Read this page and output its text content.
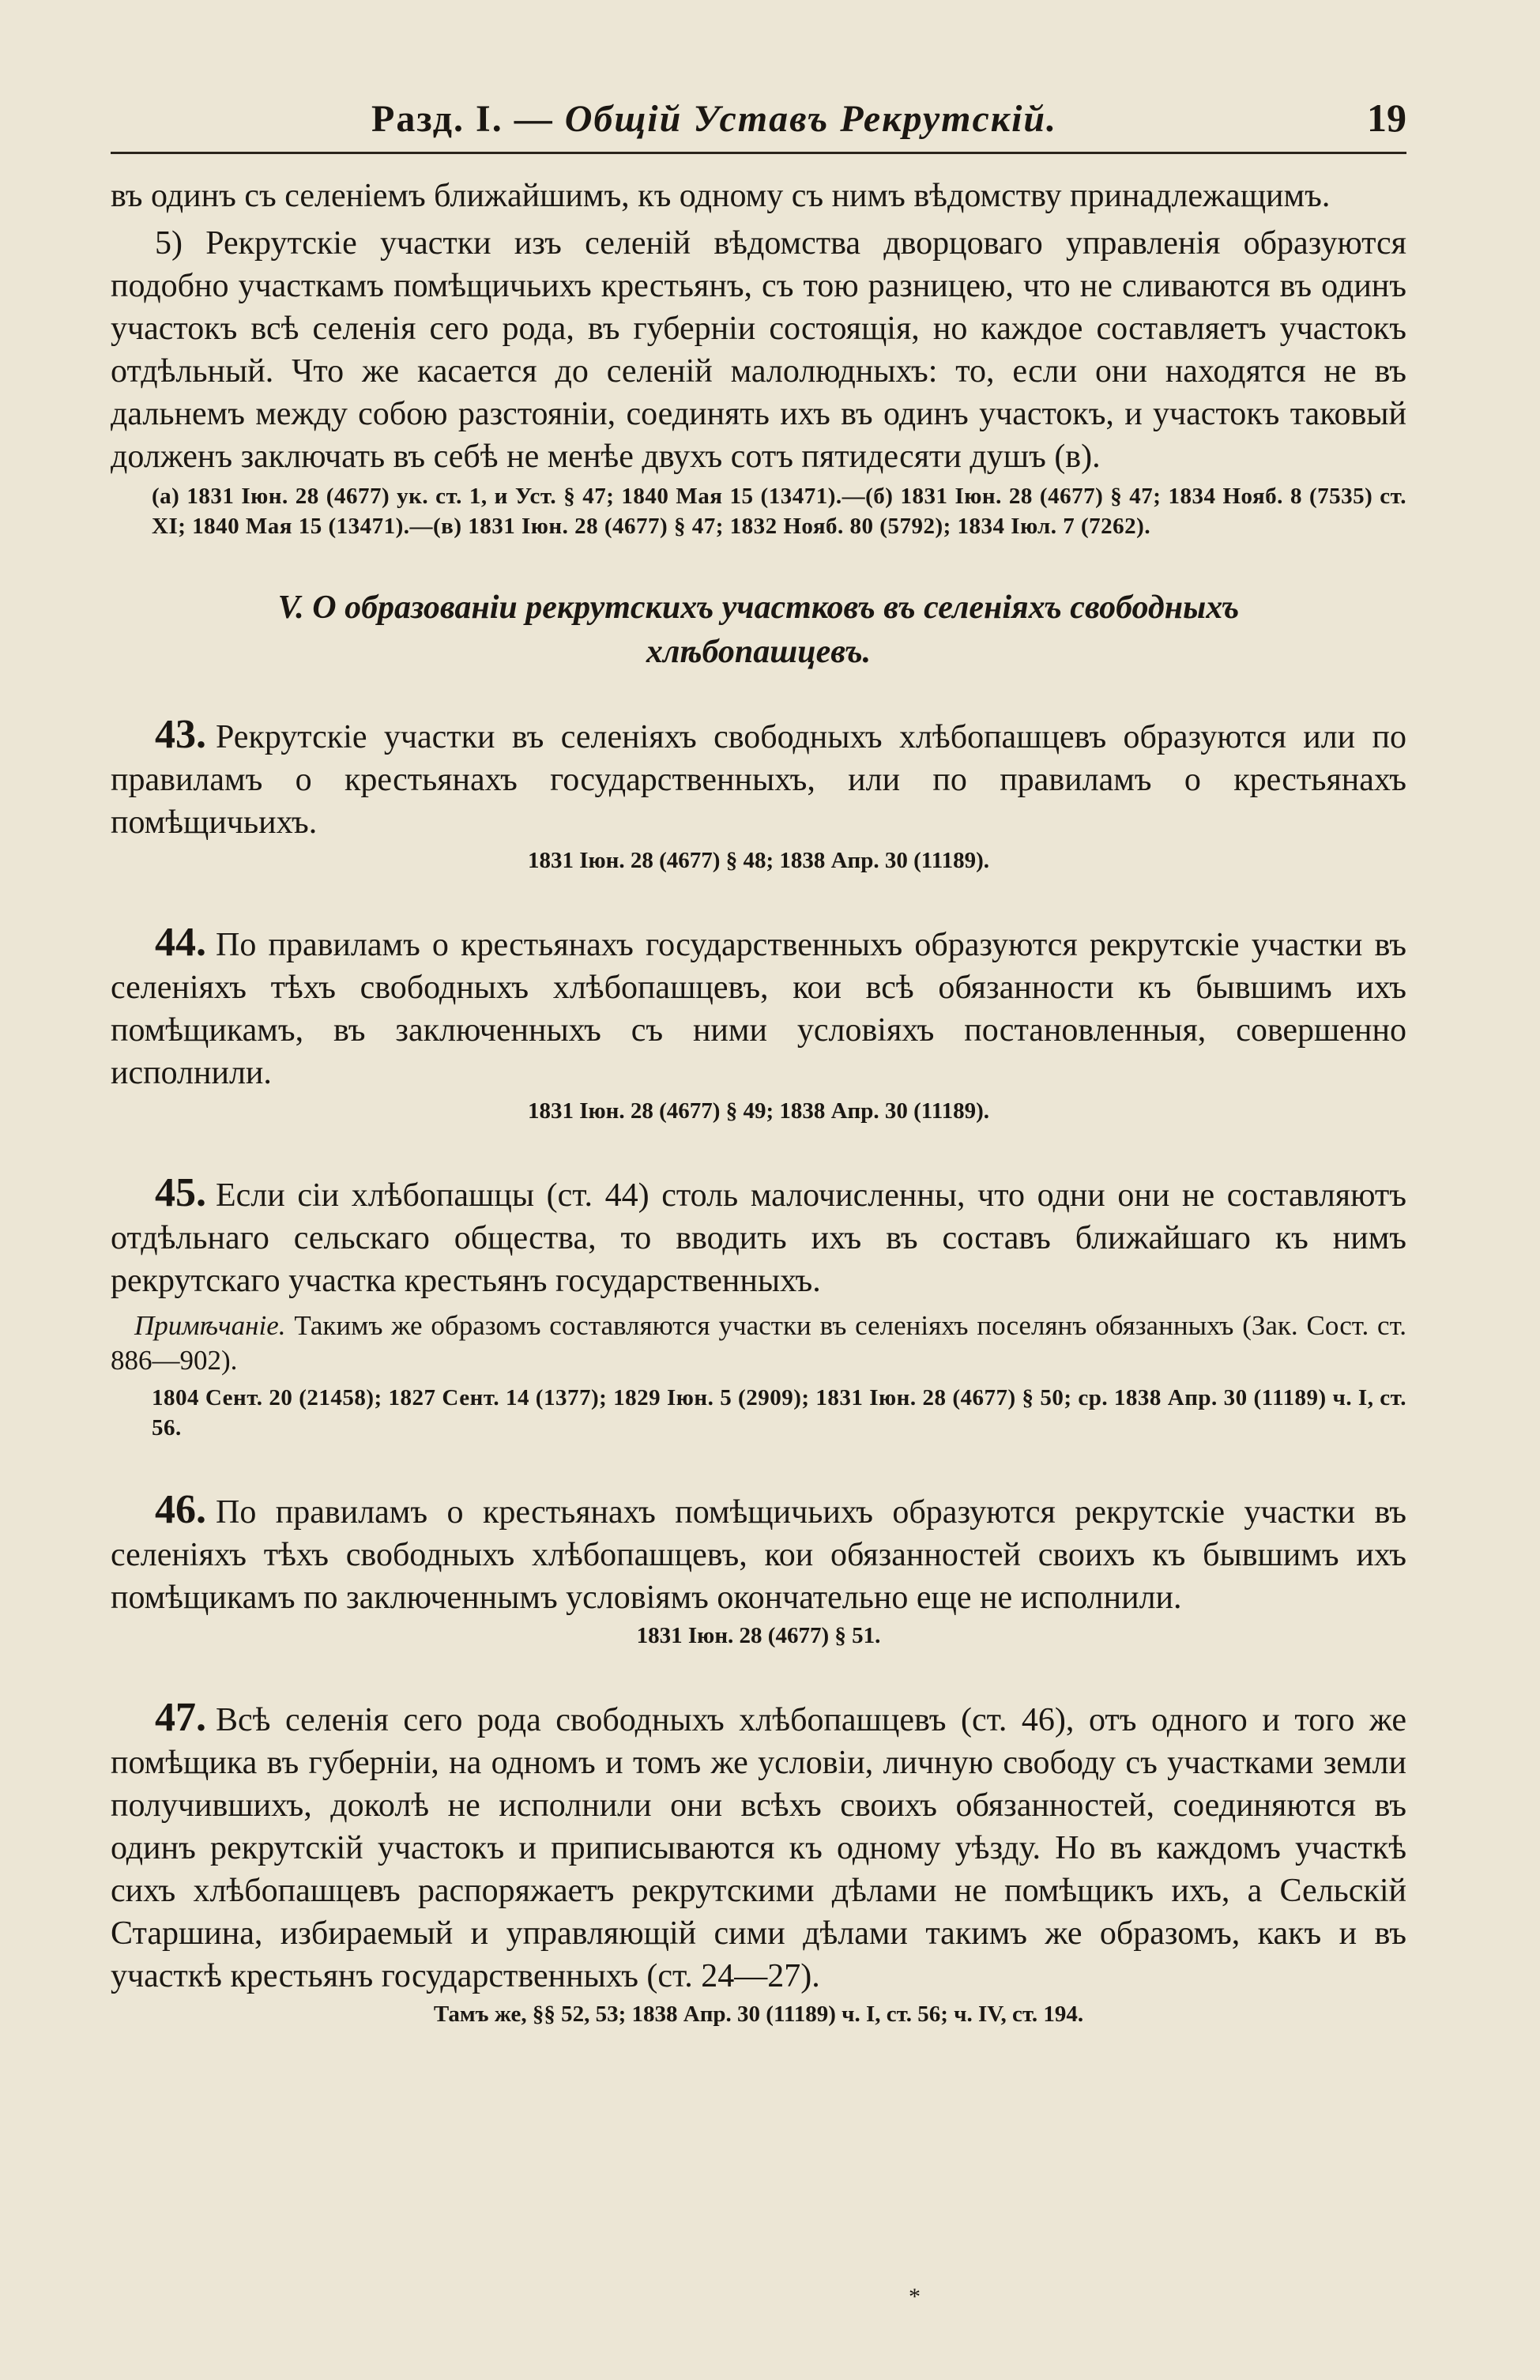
Разд. I. — Общій Уставъ Рекрутскій.	19

въ одинъ съ селеніемъ ближайшимъ, къ одному съ нимъ вѣдомству принадлежащимъ.

5) Рекрутскіе участки изъ селеній вѣдомства дворцоваго управленія образуются подобно участкамъ помѣщичьихъ крестьянъ, съ тою разницею, что не сливаются въ одинъ участокъ всѣ селенія сего рода, въ губерніи состоящія, но каждое составляетъ участокъ отдѣльный. Что же касается до селеній малолюдныхъ: то, если они находятся не въ дальнемъ между собою разстояніи, соединять ихъ въ одинъ участокъ, и участокъ таковый долженъ заключать въ себѣ не менѣе двухъ сотъ пятидесяти душъ (в).

(а) 1831 Іюн. 28 (4677) ук. ст. 1, и Уст. § 47; 1840 Мая 15 (13471).—(б) 1831 Іюн. 28 (4677) § 47; 1834 Нояб. 8 (7535) ст. XI; 1840 Мая 15 (13471).—(в) 1831 Іюн. 28 (4677) § 47; 1832 Нояб. 80 (5792); 1834 Іюл. 7 (7262).

V. О образованіи рекрутскихъ участковъ въ селеніяхъ свободныхъ
хлѣбопашцевъ.

43. Рекрутскіе участки въ селеніяхъ свободныхъ хлѣбопашцевъ образуются или по правиламъ о крестьянахъ государственныхъ, или по правиламъ о крестьянахъ помѣщичьихъ.

1831 Іюн. 28 (4677) § 48; 1838 Апр. 30 (11189).

44. По правиламъ о крестьянахъ государственныхъ образуются рекрутскіе участки въ селеніяхъ тѣхъ свободныхъ хлѣбопашцевъ, кои всѣ обязанности къ бывшимъ ихъ помѣщикамъ, въ заключенныхъ съ ними условіяхъ постановленныя, совершенно исполнили.

1831 Іюн. 28 (4677) § 49; 1838 Апр. 30 (11189).

45. Если сіи хлѣбопашцы (ст. 44) столь малочисленны, что одни они не составляютъ отдѣльнаго сельскаго общества, то вводить ихъ въ составъ ближайшаго къ нимъ рекрутскаго участка крестьянъ государственныхъ.

Примѣчаніе. Такимъ же образомъ составляются участки въ селеніяхъ поселянъ обязанныхъ (Зак. Сост. ст. 886—902).

1804 Сент. 20 (21458); 1827 Сент. 14 (1377); 1829 Іюн. 5 (2909); 1831 Іюн. 28 (4677) § 50; ср. 1838 Апр. 30 (11189) ч. I, ст. 56.

46. По правиламъ о крестьянахъ помѣщичьихъ образуются рекрутскіе участки въ селеніяхъ тѣхъ свободныхъ хлѣбопашцевъ, кои обязанностей своихъ къ бывшимъ ихъ помѣщикамъ по заключеннымъ условіямъ окончательно еще не исполнили.

1831 Іюн. 28 (4677) § 51.

47. Всѣ селенія сего рода свободныхъ хлѣбопашцевъ (ст. 46), отъ одного и того же помѣщика въ губерніи, на одномъ и томъ же условіи, личную свободу съ участками земли получившихъ, доколѣ не исполнили они всѣхъ своихъ обязанностей, соединяются въ одинъ рекрутскій участокъ и приписываются къ одному уѣзду. Но въ каждомъ участкѣ сихъ хлѣбопашцевъ распоряжаетъ рекрутскими дѣлами не помѣщикъ ихъ, а Сельскій Старшина, избираемый и управляющій сими дѣлами такимъ же образомъ, какъ и въ участкѣ крестьянъ государственныхъ (ст. 24—27).

Тамъ же, §§ 52, 53; 1838 Апр. 30 (11189) ч. I, ст. 56; ч. IV, ст. 194.

*
